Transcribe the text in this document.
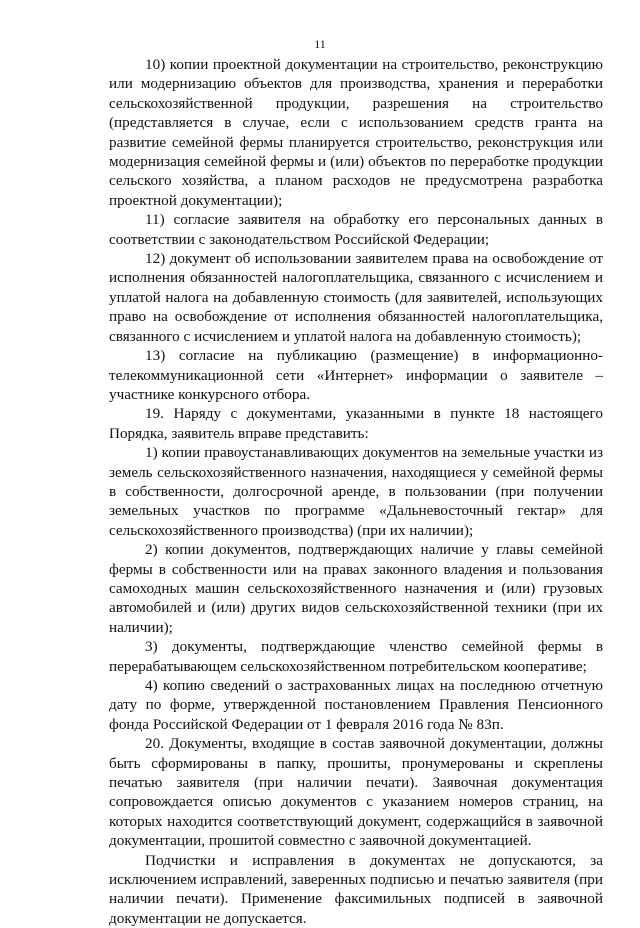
11

10) копии проектной документации на строительство, реконструкцию или модернизацию объектов для производства, хранения и переработки сельскохозяйственной продукции, разрешения на строительство (представляется в случае, если с использованием средств гранта на развитие семейной фермы планируется строительство, реконструкция или модернизация семейной фермы и (или) объектов по переработке продукции сельского хозяйства, а планом расходов не предусмотрена разработка проектной документации);

11) согласие заявителя на обработку его персональных данных в соответствии с законодательством Российской Федерации;

12) документ об использовании заявителем права на освобождение от исполнения обязанностей налогоплательщика, связанного с исчислением и уплатой налога на добавленную стоимость (для заявителей, использующих право на освобождение от исполнения обязанностей налогоплательщика, связанного с исчислением и уплатой налога на добавленную стоимость);

13) согласие на публикацию (размещение) в информационно-телекоммуникационной сети «Интернет» информации о заявителе – участнике конкурсного отбора.

19. Наряду с документами, указанными в пункте 18 настоящего Порядка, заявитель вправе представить:

1) копии правоустанавливающих документов на земельные участки из земель сельскохозяйственного назначения, находящиеся у семейной фермы в собственности, долгосрочной аренде, в пользовании (при получении земельных участков по программе «Дальневосточный гектар» для сельскохозяйственного производства) (при их наличии);

2) копии документов, подтверждающих наличие у главы семейной фермы в собственности или на правах законного владения и пользования самоходных машин сельскохозяйственного назначения и (или) грузовых автомобилей и (или) других видов сельскохозяйственной техники (при их наличии);

3) документы, подтверждающие членство семейной фермы в перерабатывающем сельскохозяйственном потребительском кооперативе;

4) копию сведений о застрахованных лицах на последнюю отчетную дату по форме, утвержденной постановлением Правления Пенсионного фонда Российской Федерации от 1 февраля 2016 года № 83п.

20. Документы, входящие в состав заявочной документации, должны быть сформированы в папку, прошиты, пронумерованы и скреплены печатью заявителя (при наличии печати). Заявочная документация сопровождается описью документов с указанием номеров страниц, на которых находится соответствующий документ, содержащийся в заявочной документации, прошитой совместно с заявочной документацией.

Подчистки и исправления в документах не допускаются, за исключением исправлений, заверенных подписью и печатью заявителя (при наличии печати). Применение факсимильных подписей в заявочной документации не допускается.
